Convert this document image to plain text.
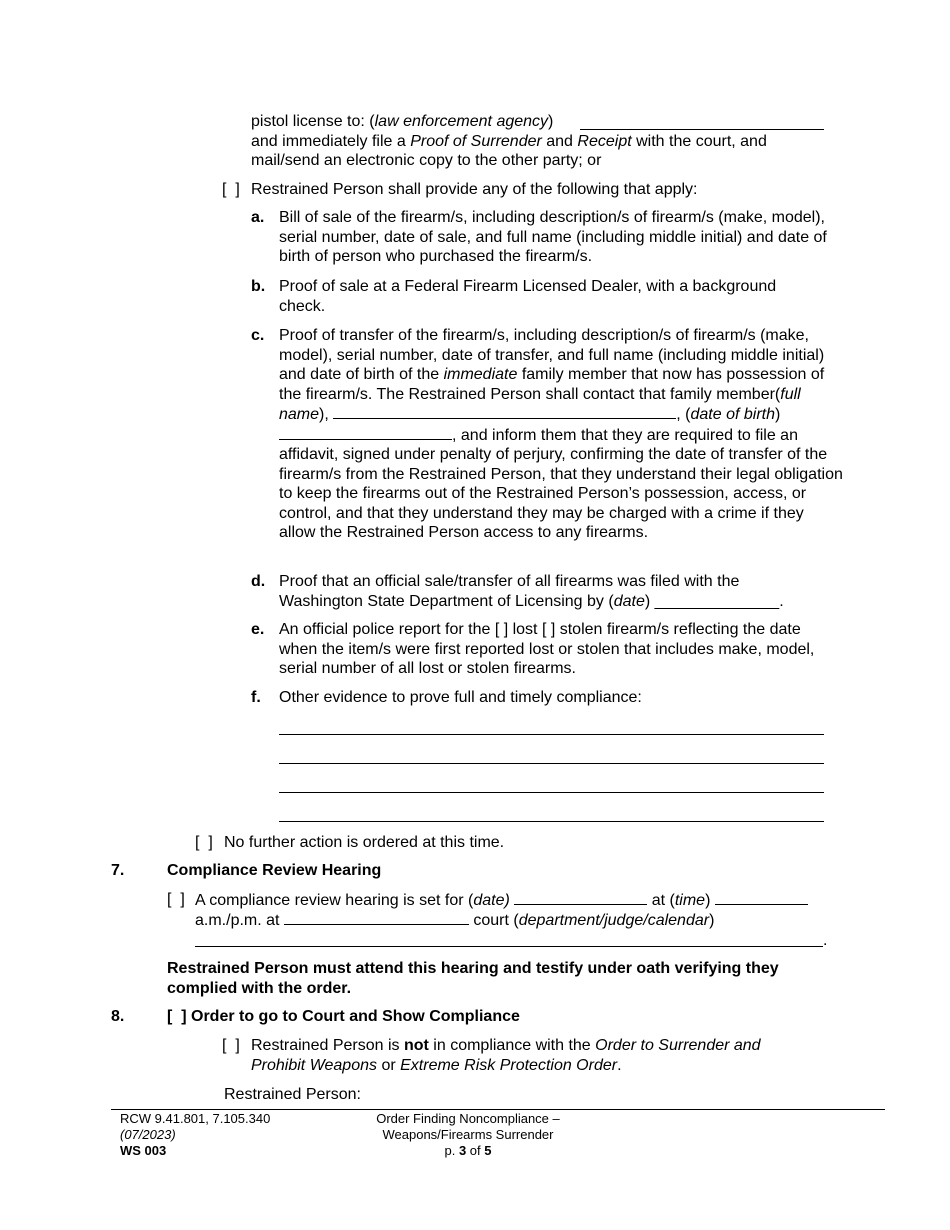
pistol license to: (law enforcement agency)

and immediately file a Proof of Surrender and Receipt with the court, and

mail/send an electronic copy to the other party; or

[  ] Restrained Person shall provide any of the following that apply:
a. Bill of sale of the firearm/s, including description/s of firearm/s (make, model), serial number, date of sale, and full name (including middle initial) and date of birth of person who purchased the firearm/s.
b. Proof of sale at a Federal Firearm Licensed Dealer, with a background check.
c. Proof of transfer of the firearm/s, including description/s of firearm/s (make, model), serial number, date of transfer, and full name (including middle initial) and date of birth of the immediate family member that now has possession of the firearm/s. The Restrained Person shall contact that family member(full name),	, (date of birth) , and inform them that they are required to file an affidavit, signed under penalty of perjury, confirming the date of transfer of the firearm/s from the Restrained Person, that they understand their legal obligation to keep the firearms out of the Restrained Person’s possession, access, or control, and that they understand they may be charged with a crime if they allow the Restrained Person access to any firearms.
d. Proof that an official sale/transfer of all firearms was filed with the Washington State Department of Licensing by (date) ______________.
e. An official police report for the [ ] lost [ ] stolen firearm/s reflecting the date when the item/s were first reported lost or stolen that includes make, model, serial number of all lost or stolen firearms.
f. Other evidence to prove full and timely compliance:
[  ] No further action is ordered at this time.
7.	Compliance Review Hearing
[  ] A compliance review hearing is set for (date)	at (time)
a.m./p.m. at	court (department/judge/calendar)
.
Restrained Person must attend this hearing and testify under oath verifying they complied with the order.
8.	[  ] Order to go to Court and Show Compliance
[  ] Restrained Person is not in compliance with the Order to Surrender and Prohibit Weapons or Extreme Risk Protection Order.
Restrained Person:
RCW 9.41.801, 7.105.340
(07/2023)
WS 003
Order Finding Noncompliance –
Weapons/Firearms Surrender
p. 3 of 5
